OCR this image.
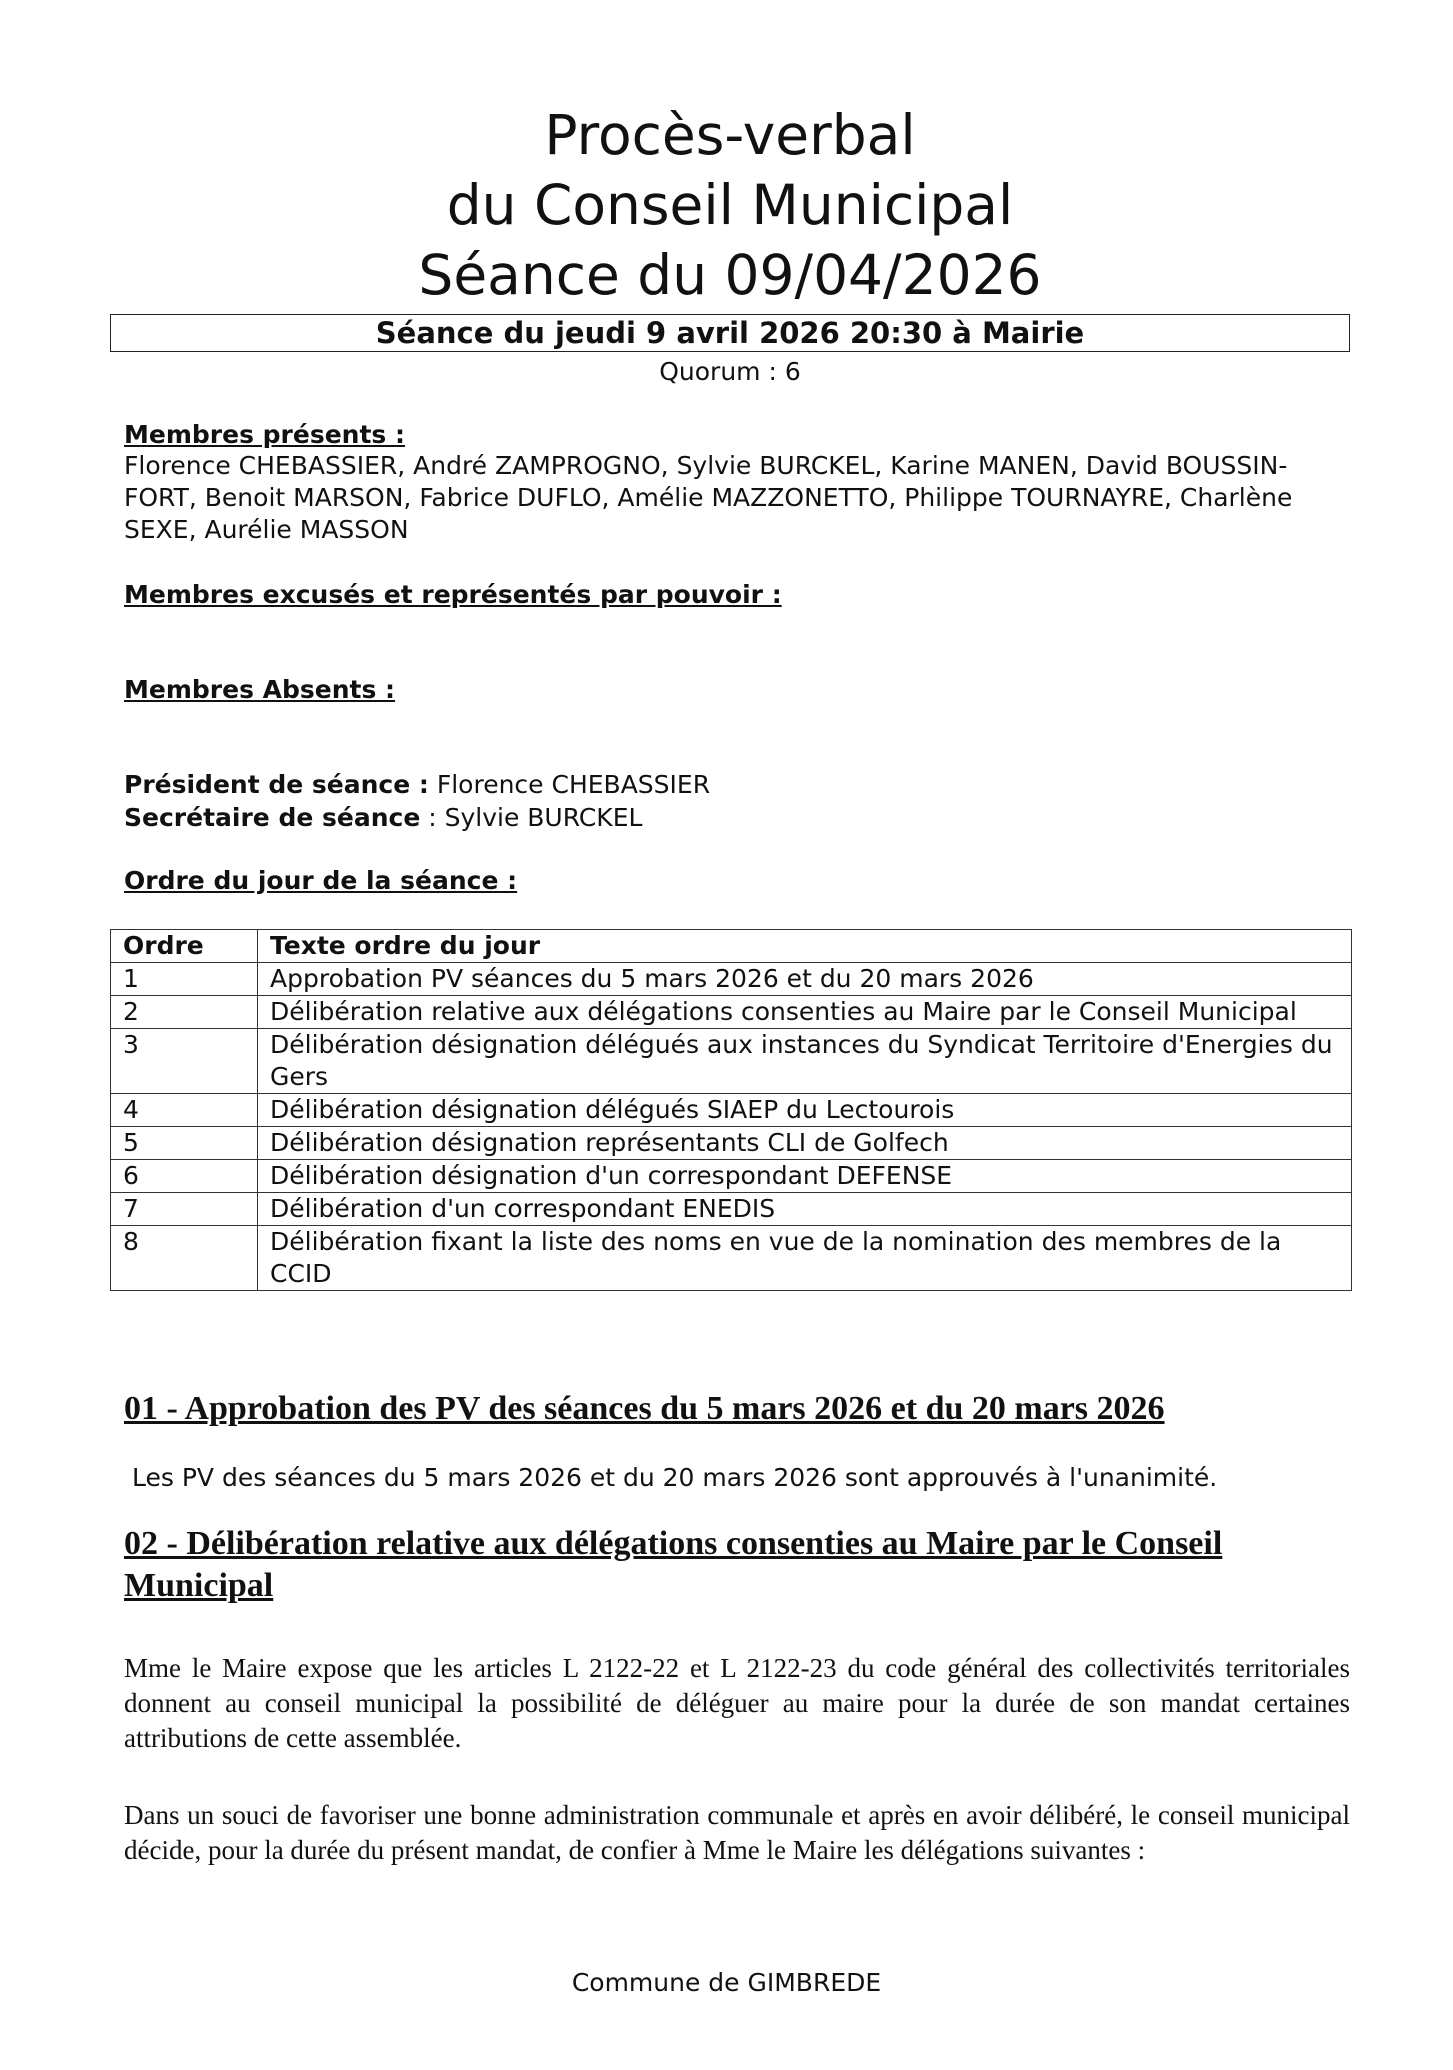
Procès-verbal
du Conseil Municipal
Séance du 09/04/2026
Séance du jeudi 9 avril 2026 20:30 à Mairie
Quorum : 6
Membres présents :
Florence CHEBASSIER, André ZAMPROGNO, Sylvie BURCKEL, Karine MANEN, David BOUSSIN-FORT, Benoit MARSON, Fabrice DUFLO, Amélie MAZZONETTO, Philippe TOURNAYRE, Charlène SEXE, Aurélie MASSON
Membres excusés et représentés par pouvoir :
Membres Absents :
Président de séance : Florence CHEBASSIER
Secrétaire de séance : Sylvie BURCKEL
Ordre du jour de la séance :
Ordre	Texte ordre du jour
1	Approbation PV séances du 5 mars 2026 et du 20 mars 2026
2	Délibération relative aux délégations consenties au Maire par le Conseil Municipal
3	Délibération désignation délégués aux instances du Syndicat Territoire d'Energies du Gers
4	Délibération désignation délégués SIAEP du Lectourois
5	Délibération désignation représentants CLI de Golfech
6	Délibération désignation d'un correspondant DEFENSE
7	Délibération d'un correspondant ENEDIS
8	Délibération fixant la liste des noms en vue de la nomination des membres de la CCID
01 - Approbation des PV des séances du 5 mars 2026 et du 20 mars 2026
Les PV des séances du 5 mars 2026 et du 20 mars 2026 sont approuvés à l'unanimité.
02 - Délibération relative aux délégations consenties au Maire par le Conseil Municipal
Mme le Maire expose que les articles L 2122-22 et L 2122-23 du code général des collectivités territoriales donnent au conseil municipal la possibilité de déléguer au maire pour la durée de son mandat certaines attributions de cette assemblée.
Dans un souci de favoriser une bonne administration communale et après en avoir délibéré, le conseil municipal décide, pour la durée du présent mandat, de confier à Mme le Maire les délégations suivantes :
Commune de GIMBREDE
